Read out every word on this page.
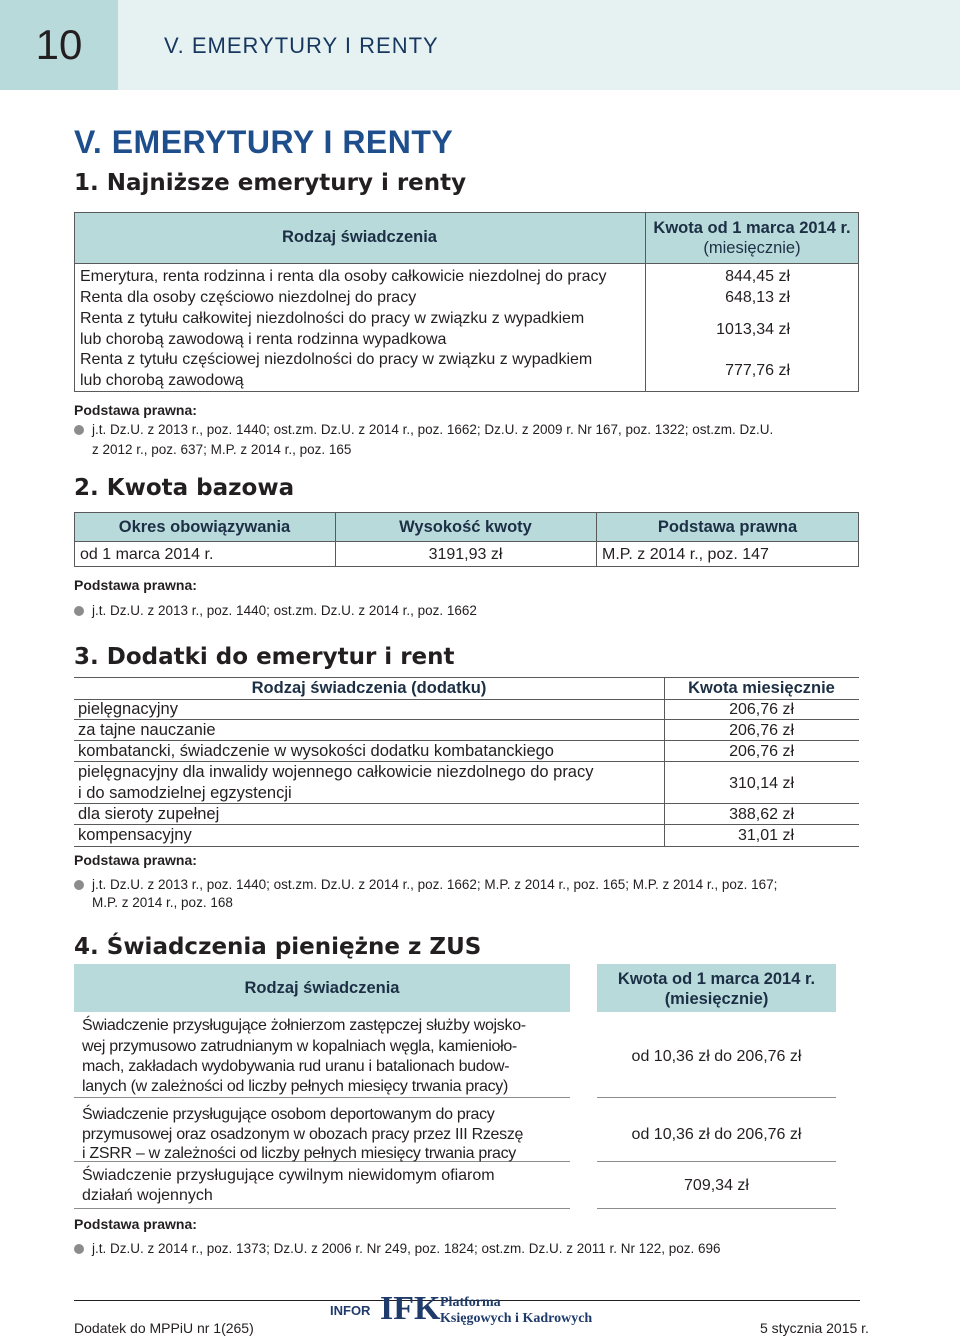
10	V. EMERYTURY I RENTY
V. EMERYTURY I RENTY
1. Najniższe emerytury i renty
Rodzaj świadczenia	Kwota od 1 marca 2014 r.
(miesięcznie)
Emerytura, renta rodzinna i renta dla osoby całkowicie niezdolnej do pracy	844,45 zł
Renta dla osoby częściowo niezdolnej do pracy	648,13 zł
Renta z tytułu całkowitej niezdolności do pracy w związku z wypadkiem
lub chorobą zawodową i renta rodzinna wypadkowa
1013,34 zł
Renta z tytułu częściowej niezdolności do pracy w związku z wypadkiem
lub chorobą zawodową
777,76 zł
Podstawa prawna:
j.t. Dz.U. z 2013 r., poz. 1440; ost.zm. Dz.U. z 2014 r., poz. 1662; Dz.U. z 2009 r. Nr 167, poz. 1322; ost.zm. Dz.U.
z 2012 r., poz. 637; M.P. z 2014 r., poz. 165
2. Kwota bazowa
Okres obowiązywania	Wysokość kwoty	Podstawa prawna
od 1 marca 2014 r.	3191,93 zł	M.P. z 2014 r., poz. 147
Podstawa prawna:
j.t. Dz.U. z 2013 r., poz. 1440; ost.zm. Dz.U. z 2014 r., poz. 1662
3. Dodatki do emerytur i rent
Rodzaj świadczenia (dodatku)	Kwota miesięcznie
pielęgnacyjny	206,76 zł
za tajne nauczanie	206,76 zł
kombatancki, świadczenie w wysokości dodatku kombatanckiego	206,76 zł
pielęgnacyjny dla inwalidy wojennego całkowicie niezdolnego do pracy
i do samodzielnej egzystencji
310,14 zł
dla sieroty zupełnej	388,62 zł
kompensacyjny	31,01 zł
Podstawa prawna:
j.t. Dz.U. z 2013 r., poz. 1440; ost.zm. Dz.U. z 2014 r., poz. 1662; M.P. z 2014 r., poz. 165; M.P. z 2014 r., poz. 167;
M.P. z 2014 r., poz. 168
4. Świadczenia pieniężne z ZUS
Rodzaj świadczenia	Kwota od 1 marca 2014 r.
(miesięcznie)
Świadczenie przysługujące żołnierzom zastępczej służby wojsko-
wej przymusowo zatrudnianym w kopalniach węgla, kamienioło-
mach, zakładach wydobywania rud uranu i batalionach budow-
lanych (w zależności od liczby pełnych miesięcy trwania pracy)
od 10,36 zł do 206,76 zł
Świadczenie przysługujące osobom deportowanym do pracy
przymusowej oraz osadzonym w obozach pracy przez III Rzeszę
i ZSRR – w zależności od liczby pełnych miesięcy trwania pracy
od 10,36 zł do 206,76 zł
Świadczenie przysługujące cywilnym niewidomym ofiarom
działań wojennych
709,34 zł
Podstawa prawna:
j.t. Dz.U. z 2014 r., poz. 1373; Dz.U. z 2006 r. Nr 249, poz. 1824; ost.zm. Dz.U. z 2011 r. Nr 122, poz. 696
Dodatek do MPPiU nr 1(265)
INFOR IFK Platforma
Księgowych i Kadrowych
5 stycznia 2015 r.
